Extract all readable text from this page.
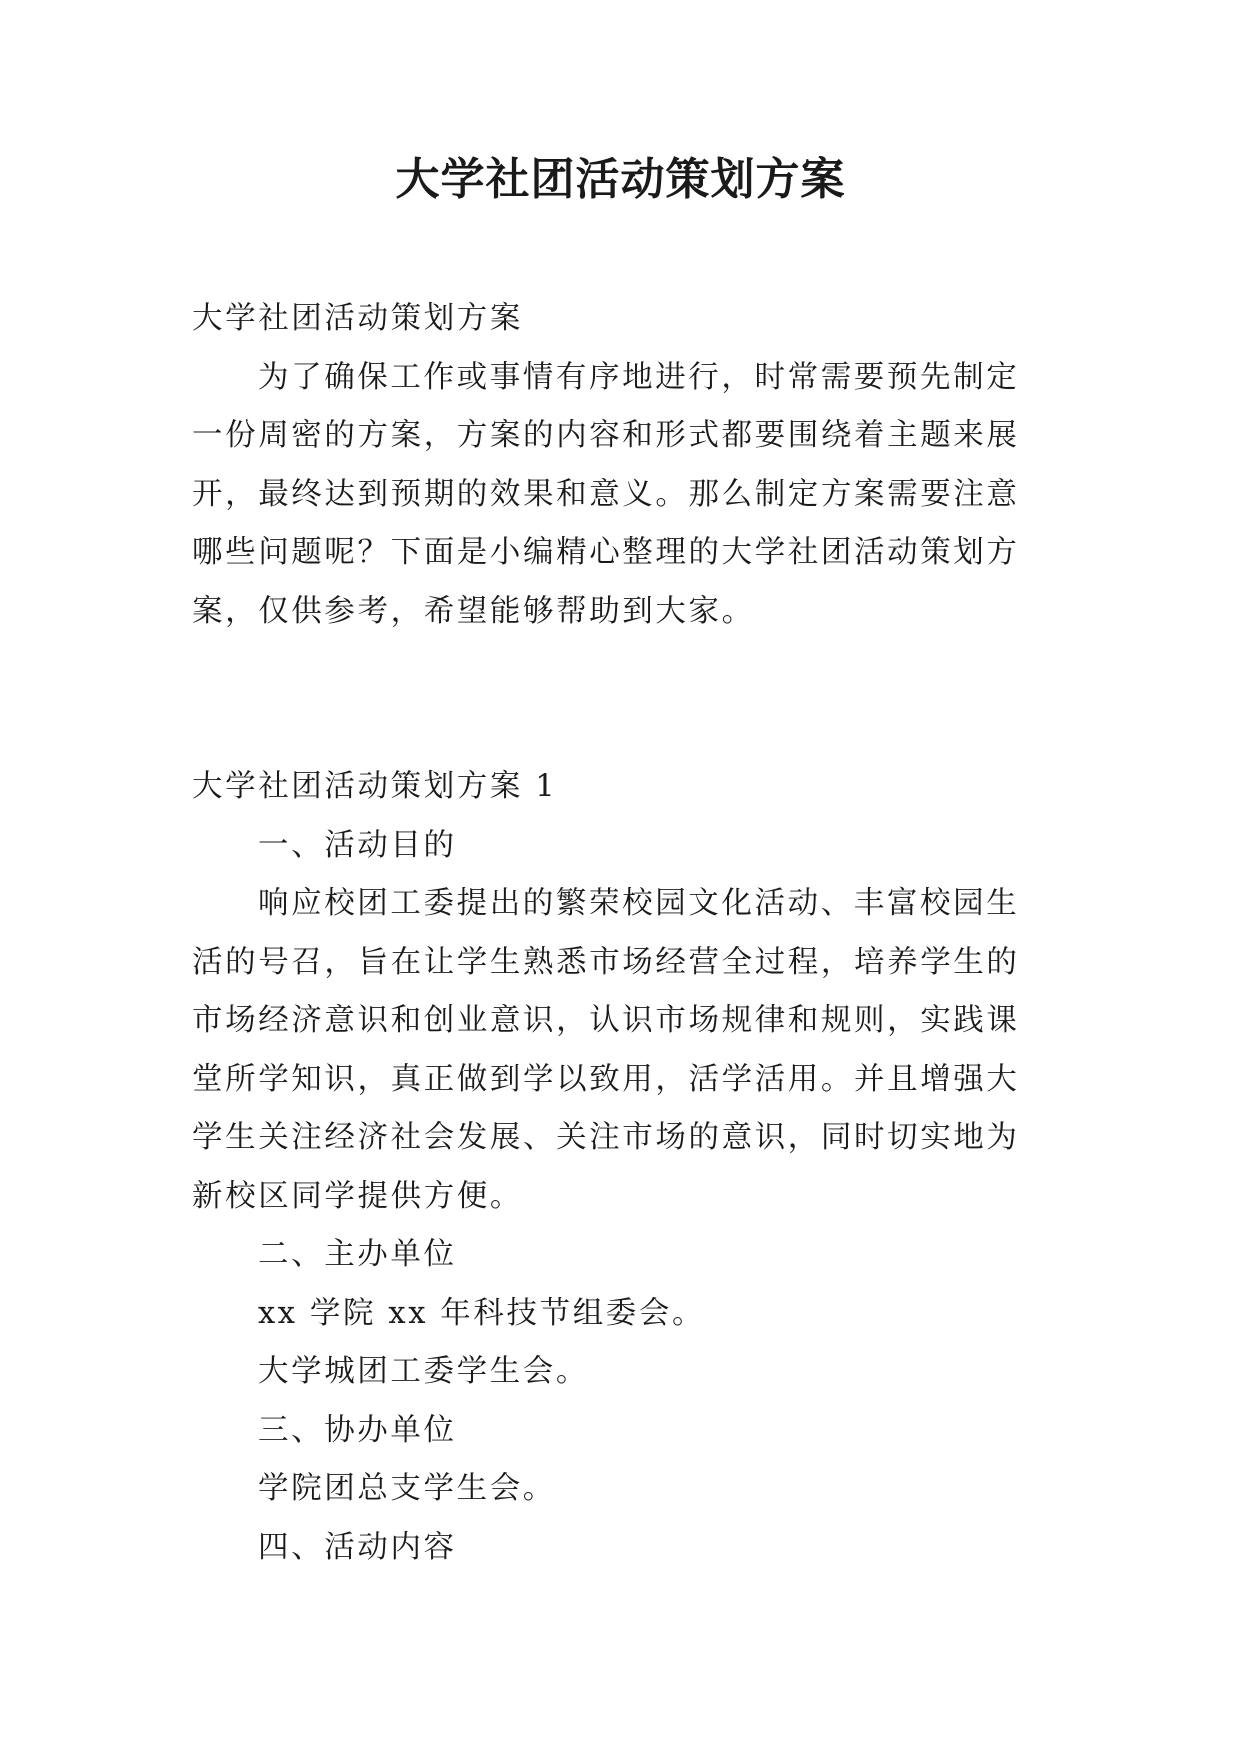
大学社团活动策划方案

大学社团活动策划方案

为了确保工作或事情有序地进行，时常需要预先制定一份周密的方案，方案的内容和形式都要围绕着主题来展开，最终达到预期的效果和意义。那么制定方案需要注意哪些问题呢？下面是小编精心整理的大学社团活动策划方案，仅供参考，希望能够帮助到大家。

大学社团活动策划方案 1

一、活动目的

响应校团工委提出的繁荣校园文化活动、丰富校园生活的号召，旨在让学生熟悉市场经营全过程，培养学生的市场经济意识和创业意识，认识市场规律和规则，实践课堂所学知识，真正做到学以致用，活学活用。并且增强大学生关注经济社会发展、关注市场的意识，同时切实地为新校区同学提供方便。

二、主办单位

xx 学院 xx 年科技节组委会。

大学城团工委学生会。

三、协办单位

学院团总支学生会。

四、活动内容
